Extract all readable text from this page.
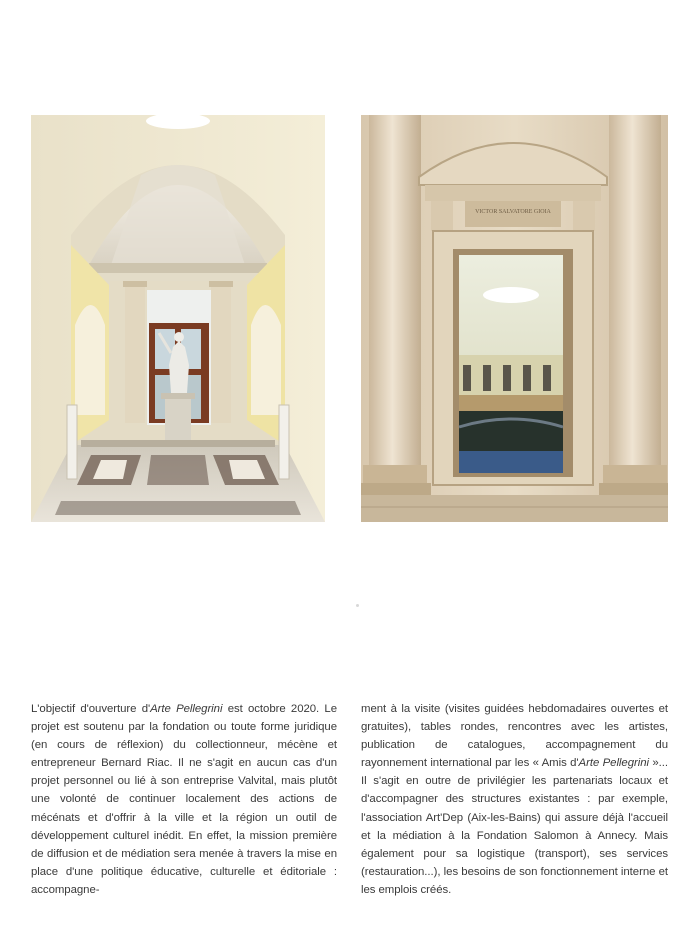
VICTOR SALVATORE GIOIA

L'objectif d'ouverture d'Arte Pellegrini est octobre 2020. Le projet est soutenu par la fondation ou toute forme juridique (en cours de réflexion) du collectionneur, mécène et entrepreneur Bernard Riac. Il ne s'agit en aucun cas d'un projet personnel ou lié à son entreprise Valvital, mais plutôt une volonté de continuer localement des actions de mécénats et d'offrir à la ville et la région un outil de développement culturel inédit. En effet, la mission première de diffusion et de médiation sera menée à travers la mise en place d'une politique éducative, culturelle et éditoriale : accompagne-

ment à la visite (visites guidées hebdomadaires ouvertes et gratuites), tables rondes, rencontres avec les artistes, publication de catalogues, accompagnement du rayonnement international par les « Amis d'Arte Pellegrini »... Il s'agit en outre de privilégier les partenariats locaux et d'accompagner des structures existantes : par exemple, l'association Art'Dep (Aix-les-Bains) qui assure déjà l'accueil et la médiation à la Fondation Salomon à Annecy. Mais également pour sa logistique (transport), ses services (restauration...), les besoins de son fonctionnement interne et les emplois créés.
